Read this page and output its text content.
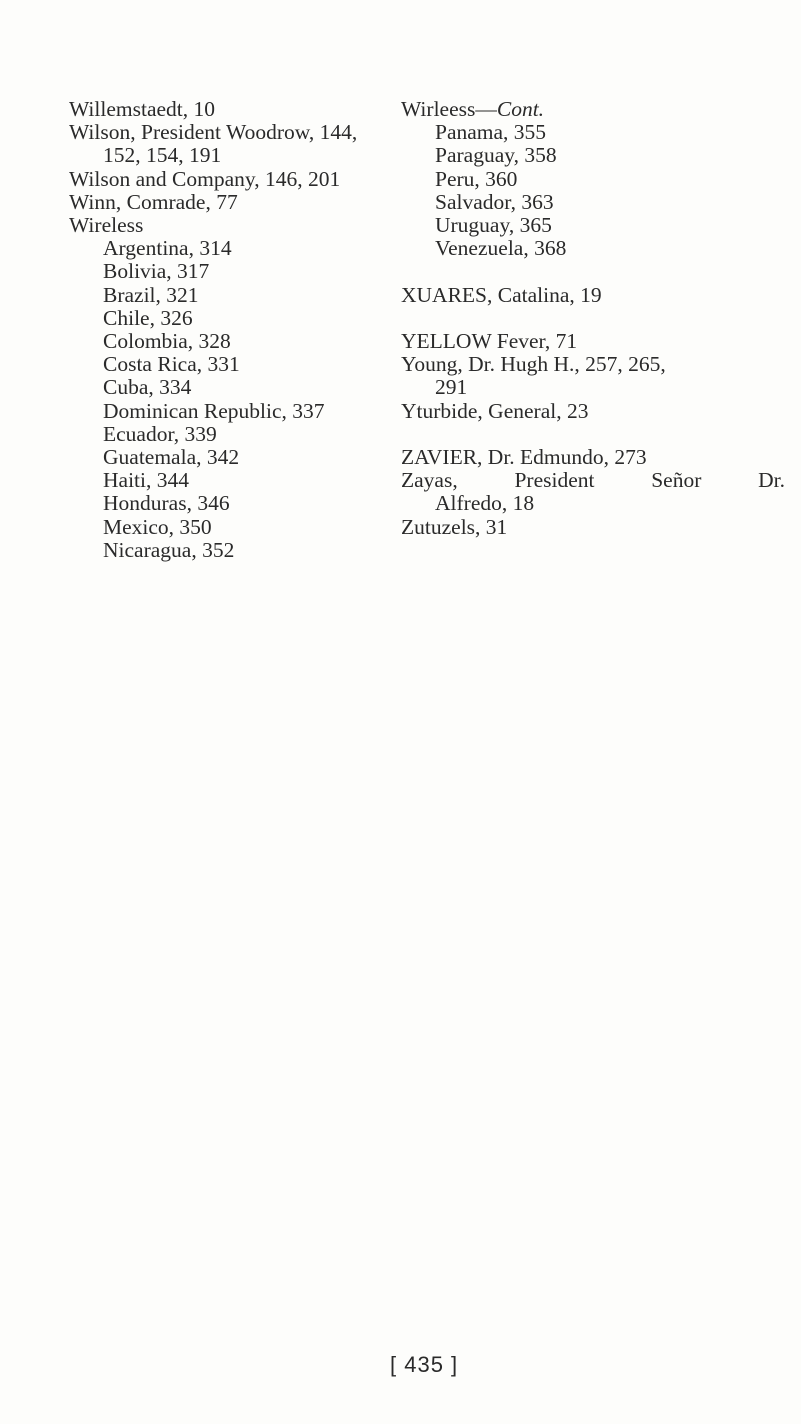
Willemstaedt, 10
Wilson, President Woodrow, 144,
152, 154, 191
Wilson and Company, 146, 201
Winn, Comrade, 77
Wireless
Argentina, 314
Bolivia, 317
Brazil, 321
Chile, 326
Colombia, 328
Costa Rica, 331
Cuba, 334
Dominican Republic, 337
Ecuador, 339
Guatemala, 342
Haiti, 344
Honduras, 346
Mexico, 350
Nicaragua, 352
Wirleess—Cont.
Panama, 355
Paraguay, 358
Peru, 360
Salvador, 363
Uruguay, 365
Venezuela, 368
XUARES, Catalina, 19
YELLOW Fever, 71
Young, Dr. Hugh H., 257, 265,
291
Yturbide, General, 23
ZAVIER, Dr. Edmundo, 273
Zayas,	President	Señor	Dr.
Alfredo, 18
Zutuzels, 31
[ 435 ]
